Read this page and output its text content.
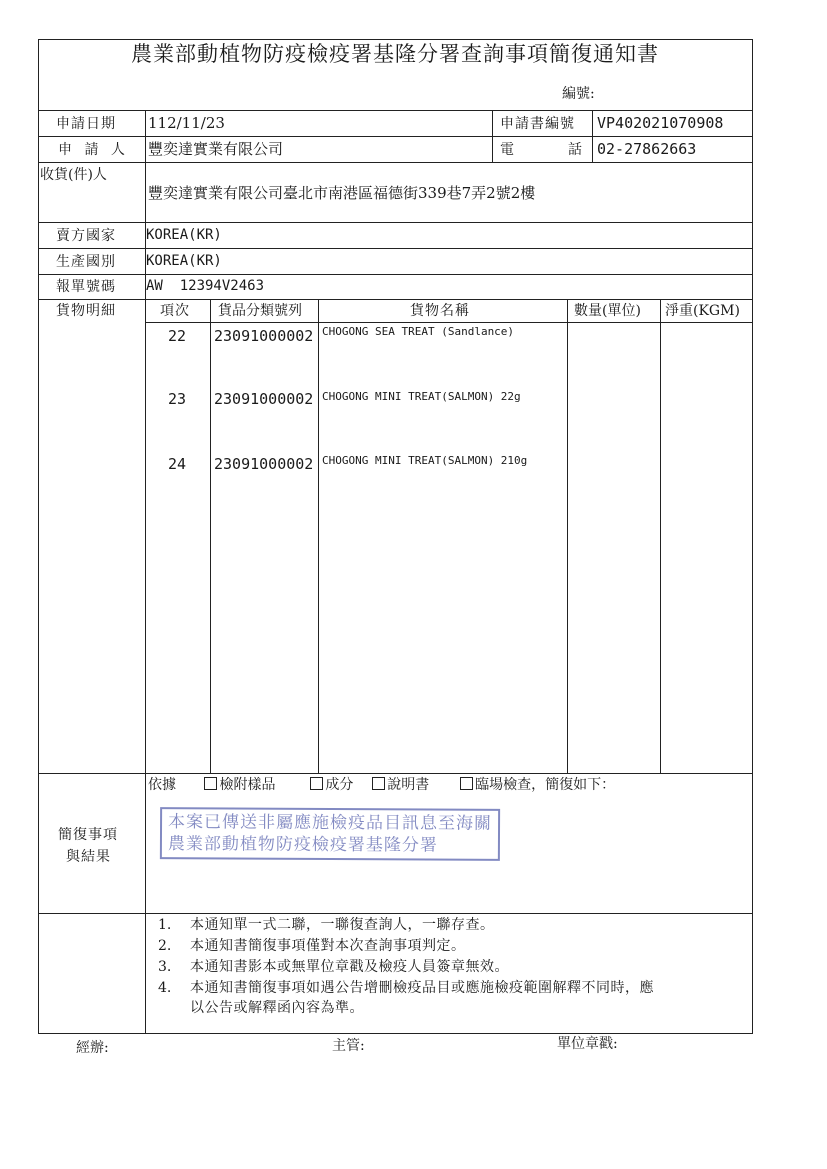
農業部動植物防疫檢疫署基隆分署查詢事項簡復通知書
編號:
申請日期 112/11/23	申請書編號 VP402021070908
申 請 人 豐奕達實業有限公司	電	話 02-27862663
收貨(件)人
豐奕達實業有限公司臺北市南港區福德街339巷7弄2號2樓
賣方國家 KOREA(KR)
生產國別 KOREA(KR)
報單號碼 AW  12394V2463
貨物明細	項次 貨品分類號列	貨物名稱	數量(單位) 淨重(KGM)
22 23091000002 CHOGONG SEA TREAT (Sandlance)
23 23091000002 CHOGONG MINI TREAT(SALMON) 22g
24 23091000002 CHOGONG MINI TREAT(SALMON) 210g
簡復事項
與結果
依據	檢附樣品	成分 說明書	臨場檢查，簡復如下：
本案已傳送非屬應施檢疫品目訊息至海關
農業部動植物防疫檢疫署基隆分署
1. 本通知單一式二聯，一聯復查詢人，一聯存查。
2. 本通知書簡復事項僅對本次查詢事項判定。
3. 本通知書影本或無單位章戳及檢疫人員簽章無效。
4. 本通知書簡復事項如遇公告增刪檢疫品目或應施檢疫範圍解釋不同時，應
以公告或解釋函內容為準。
經辦:	主管:	單位章戳:
